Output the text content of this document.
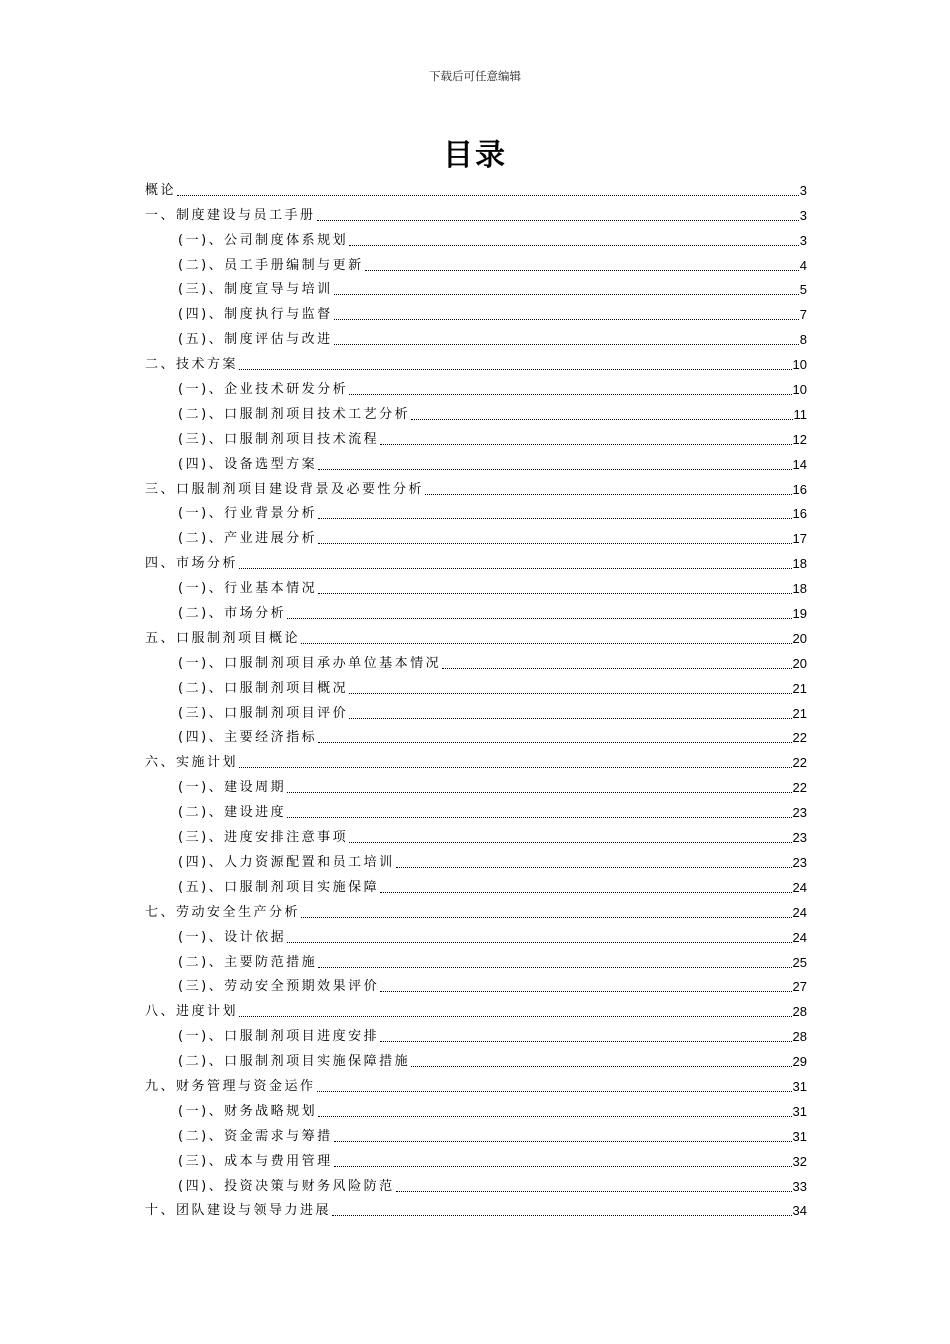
下载后可任意编辑
目录
概论	3
一、制度建设与员工手册	3
(一)、公司制度体系规划	3
(二)、员工手册编制与更新	4
(三)、制度宣导与培训	5
(四)、制度执行与监督	7
(五)、制度评估与改进	8
二、技术方案	10
(一)、企业技术研发分析	10
(二)、口服制剂项目技术工艺分析	11
(三)、口服制剂项目技术流程	12
(四)、设备选型方案	14
三、口服制剂项目建设背景及必要性分析	16
(一)、行业背景分析	16
(二)、产业进展分析	17
四、市场分析	18
(一)、行业基本情况	18
(二)、市场分析	19
五、口服制剂项目概论	20
(一)、口服制剂项目承办单位基本情况	20
(二)、口服制剂项目概况	21
(三)、口服制剂项目评价	21
(四)、主要经济指标	22
六、实施计划	22
(一)、建设周期	22
(二)、建设进度	23
(三)、进度安排注意事项	23
(四)、人力资源配置和员工培训	23
(五)、口服制剂项目实施保障	24
七、劳动安全生产分析	24
(一)、设计依据	24
(二)、主要防范措施	25
(三)、劳动安全预期效果评价	27
八、进度计划	28
(一)、口服制剂项目进度安排	28
(二)、口服制剂项目实施保障措施	29
九、财务管理与资金运作	31
(一)、财务战略规划	31
(二)、资金需求与筹措	31
(三)、成本与费用管理	32
(四)、投资决策与财务风险防范	33
十、团队建设与领导力进展	34
